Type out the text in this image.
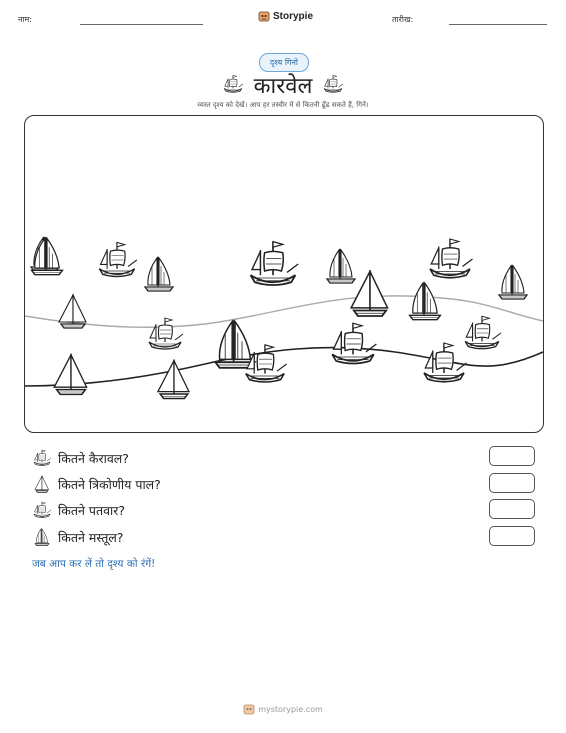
नाम:	Storypie	तारीख:
दृश्य गिनो
कारवेल
व्यस्त दृश्य को देखें। आप हर तस्वीर में से कितनी ढूँढ सकते हैं, गिनें।
कितने कैरावल?
कितने त्रिकोणीय पाल?
कितने पतवार?
कितने मस्तूल?
जब आप कर लें तो दृश्य को रंगें!
mystorypie.com
